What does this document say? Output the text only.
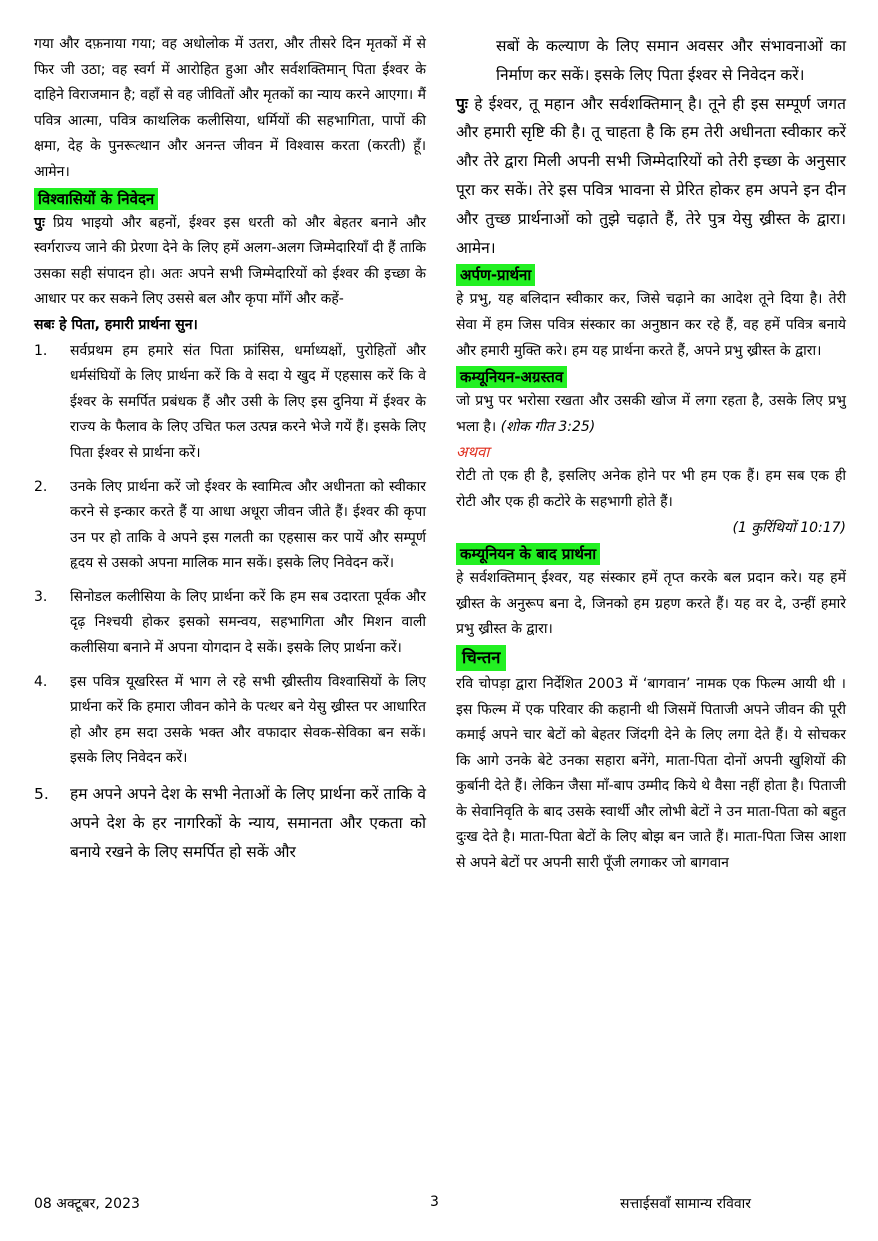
गया और दफ़नाया गया; वह अधोलोक में उतरा, और तीसरे दिन मृतकों में से फिर जी उठा; वह स्वर्ग में आरोहित हुआ और सर्वशक्तिमान् पिता ईश्वर के दाहिने विराजमान है; वहाँ से वह जीवितों और मृतकों का न्याय करने आएगा। मैं पवित्र आत्मा, पवित्र काथलिक कलीसिया, धर्मियों की सहभागिता, पापों की क्षमा, देह के पुनरूत्थान और अनन्त जीवन में विश्वास करता (करती) हूँ। आमेन।

विश्वासियों के निवेदन

पुः प्रिय भाइयो और बहनों, ईश्वर इस धरती को और बेहतर बनाने और स्वर्गराज्य जाने की प्रेरणा देने के लिए हमें अलग-अलग जिम्मेदारियाँ दी हैं ताकि उसका सही संपादन हो। अतः अपने सभी जिम्मेदारियों को ईश्वर की इच्छा के आधार पर कर सकने लिए उससे बल और कृपा माँगें और कहें-

सबः हे पिता, हमारी प्रार्थना सुन।

1. सर्वप्रथम हम हमारे संत पिता फ्रांसिस, धर्माध्यक्षों, पुरोहितों और धर्मसंघियों के लिए प्रार्थना करें कि वे सदा ये खुद में एहसास करें कि वे ईश्वर के समर्पित प्रबंधक हैं और उसी के लिए इस दुनिया में ईश्वर के राज्य के फैलाव के लिए उचित फल उत्पन्न करने भेजे गयें हैं। इसके लिए पिता ईश्वर से प्रार्थना करें।

2. उनके लिए प्रार्थना करें जो ईश्वर के स्वामित्व और अधीनता को स्वीकार करने से इन्कार करते हैं या आधा अधूरा जीवन जीते हैं। ईश्वर की कृपा उन पर हो ताकि वे अपने इस गलती का एहसास कर पायें और सम्पूर्ण हृदय से उसको अपना मालिक मान सकें। इसके लिए निवेदन करें।

3. सिनोडल कलीसिया के लिए प्रार्थना करें कि हम सब उदारता पूर्वक और दृढ़ निश्चयी होकर इसको समन्वय, सहभागिता और मिशन वाली कलीसिया बनाने में अपना योगदान दे सकें। इसके लिए प्रार्थना करें।

4. इस पवित्र यूखरिस्त में भाग ले रहे सभी ख्रीस्तीय विश्वासियों के लिए प्रार्थना करें कि हमारा जीवन कोने के पत्थर बने येसु ख्रीस्त पर आधारित हो और हम सदा उसके भक्त और वफादार सेवक-सेविका बन सकें। इसके लिए निवेदन करें।

5. हम अपने अपने देश के सभी नेताओं के लिए प्रार्थना करें ताकि वे अपने देश के हर नागरिकों के न्याय, समानता और एकता को बनाये रखने के लिए समर्पित हो सकें और

सबों के कल्याण के लिए समान अवसर और संभावनाओं का निर्माण कर सकें। इसके लिए पिता ईश्वर से निवेदन करें।

पुः हे ईश्वर, तू महान और सर्वशक्तिमान् है। तूने ही इस सम्पूर्ण जगत और हमारी सृष्टि की है। तू चाहता है कि हम तेरी अधीनता स्वीकार करें और तेरे द्वारा मिली अपनी सभी जिम्मेदारियों को तेरी इच्छा के अनुसार पूरा कर सकें। तेरे इस पवित्र भावना से प्रेरित होकर हम अपने इन दीन और तुच्छ प्रार्थनाओं को तुझे चढ़ाते हैं, तेरे पुत्र येसु ख्रीस्त के द्वारा। आमेन।

अर्पण-प्रार्थना

हे प्रभु, यह बलिदान स्वीकार कर, जिसे चढ़ाने का आदेश तूने दिया है। तेरी सेवा में हम जिस पवित्र संस्कार का अनुष्ठान कर रहे हैं, वह हमें पवित्र बनाये और हमारी मुक्ति करे। हम यह प्रार्थना करते हैं, अपने प्रभु ख्रीस्त के द्वारा।

कम्यूनियन-अग्रस्तव

जो प्रभु पर भरोसा रखता और उसकी खोज में लगा रहता है, उसके लिए प्रभु भला है। (शोक गीत 3:25)

अथवा

रोटी तो एक ही है, इसलिए अनेक होने पर भी हम एक हैं। हम सब एक ही रोटी और एक ही कटोरे के सहभागी होते हैं।
(1 कुरिंथियों 10:17)

कम्यूनियन के बाद प्रार्थना

हे सर्वशक्तिमान् ईश्वर, यह संस्कार हमें तृप्त करके बल प्रदान करे। यह हमें ख्रीस्त के अनुरूप बना दे, जिनको हम ग्रहण करते हैं। यह वर दे, उन्हीं हमारे प्रभु ख्रीस्त के द्वारा।

चिन्तन

रवि चोपड़ा द्वारा निर्देशित 2003 में ‘बागवान’ नामक एक फिल्म आयी थी । इस फिल्म में एक परिवार की कहानी थी जिसमें पिताजी अपने जीवन की पूरी कमाई अपने चार बेटों को बेहतर जिंदगी देने के लिए लगा देते हैं। ये सोचकर कि आगे उनके बेटे उनका सहारा बनेंगे, माता-पिता दोनों अपनी खुशियों की कुर्बानी देते हैं। लेकिन जैसा माँ-बाप उम्मीद किये थे वैसा नहीं होता है। पिताजी के सेवानिवृति के बाद उसके स्वार्थी और लोभी बेटों ने उन माता-पिता को बहुत दुःख देते है। माता-पिता बेटों के लिए बोझ बन जाते हैं। माता-पिता जिस आशा से अपने बेटों पर अपनी सारी पूँजी लगाकर जो बागवान

08 अक्टूबर, 2023	3	सत्ताईसवाँ सामान्य रविवार
